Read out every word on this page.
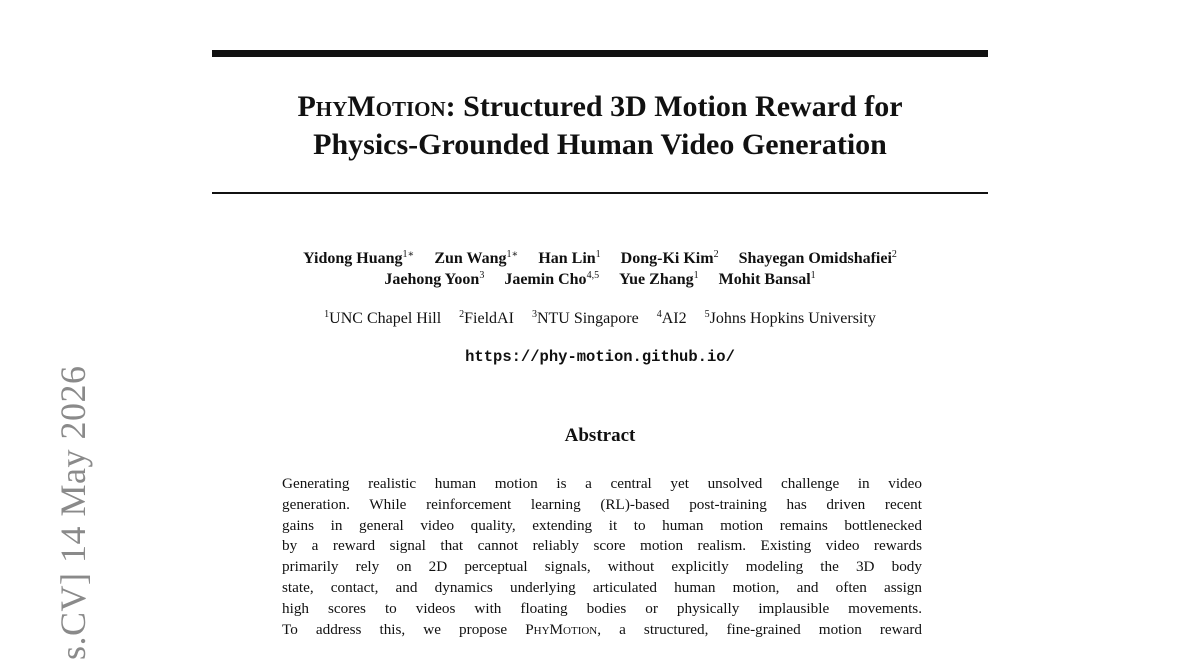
PhyMotion: Structured 3D Motion Reward for
Physics-Grounded Human Video Generation
Yidong Huang$^{1∗}$ Zun Wang$^{1∗}$ Han Lin$^1$ Dong-Ki Kim$^2$ Shayegan Omidshafiei$^2$
Jaehong Yoon$^3$ Jaemin Cho$^{4,5}$ Yue Zhang$^1$ Mohit Bansal$^1$
$^1$UNC Chapel Hill $^2$FieldAI $^3$NTU Singapore $^4$AI2 $^5$Johns Hopkins University
https://phy-motion.github.io/
Abstract
Generating realistic human motion is a central yet unsolved challenge in video
generation. While reinforcement learning (RL)-based post-training has driven recent
gains in general video quality, extending it to human motion remains bottlenecked
by a reward signal that cannot reliably score motion realism. Existing video rewards
primarily rely on 2D perceptual signals, without explicitly modeling the 3D body
state, contact, and dynamics underlying articulated human motion, and often assign
high scores to videos with floating bodies or physically implausible movements.
To address this, we propose PhyMotion, a structured, fine-grained motion reward
s.CV] 14 May 2026
